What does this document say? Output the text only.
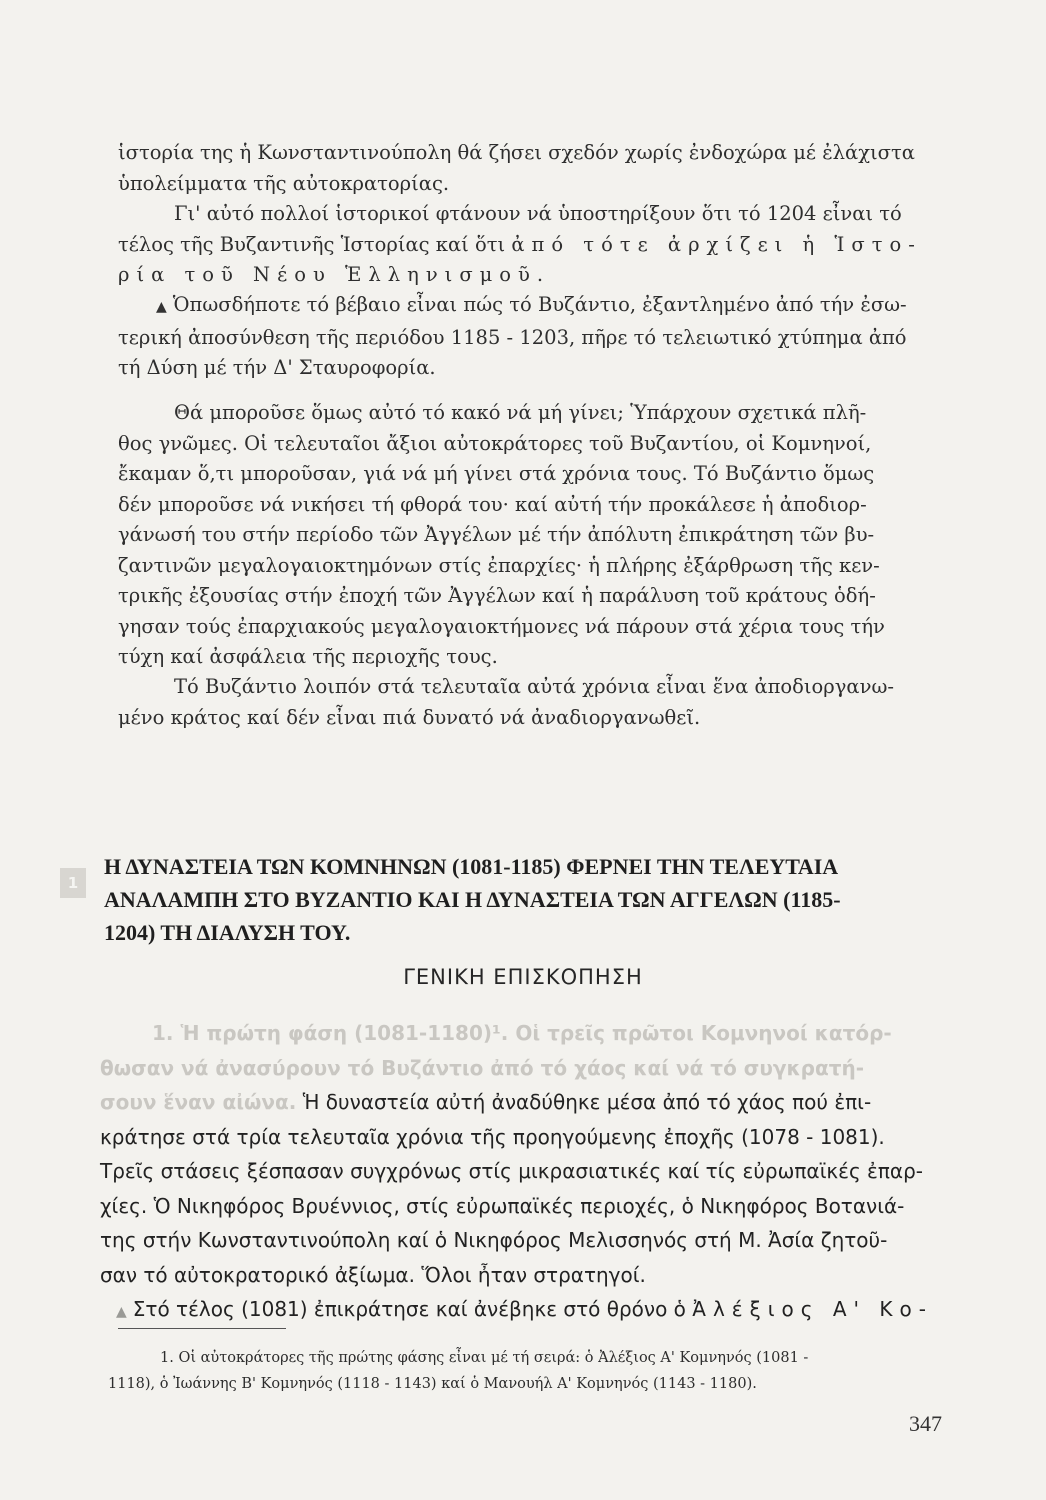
ἱστορία της ἡ Κωνσταντινούπολη θά ζήσει σχεδόν χωρίς ἐνδοχώρα μέ ἐλάχιστα
ὑπολείμματα τῆς αὐτοκρατορίας.

Γι' αὐτό πολλοί ἱστορικοί φτάνουν νά ὑποστηρίξουν ὅτι τό 1204 εἶναι τό
τέλος τῆς Βυζαντινῆς Ἱστορίας καί ὅτι ἀπό τότε ἀρχίζει ἡ Ἱστο-
ρία τοῦ Νέου Ἑλληνισμοῦ.

▲ Ὁπωσδήποτε τό βέβαιο εἶναι πώς τό Βυζάντιο, ἐξαντλημένο ἀπό τήν ἐσω-
τερική ἀποσύνθεση τῆς περιόδου 1185 - 1203, πῆρε τό τελειωτικό χτύπημα ἀπό
τή Δύση μέ τήν Δ' Σταυροφορία.

Θά μποροῦσε ὅμως αὐτό τό κακό νά μή γίνει; Ὑπάρχουν σχετικά πλῆ-
θος γνῶμες. Οἱ τελευταῖοι ἄξιοι αὐτοκράτορες τοῦ Βυζαντίου, οἱ Κομνηνοί,
ἔκαμαν ὅ,τι μποροῦσαν, γιά νά μή γίνει στά χρόνια τους. Τό Βυζάντιο ὅμως
δέν μποροῦσε νά νικήσει τή φθορά του· καί αὐτή τήν προκάλεσε ἡ ἀποδιορ-
γάνωσή του στήν περίοδο τῶν Ἀγγέλων μέ τήν ἀπόλυτη ἐπικράτηση τῶν βυ-
ζαντινῶν μεγαλογαιοκτημόνων στίς ἐπαρχίες· ἡ πλήρης ἐξάρθρωση τῆς κεν-
τρικῆς ἐξουσίας στήν ἐποχή τῶν Ἀγγέλων καί ἡ παράλυση τοῦ κράτους ὁδή-
γησαν τούς ἐπαρχιακούς μεγαλογαιοκτήμονες νά πάρουν στά χέρια τους τήν
τύχη καί ἀσφάλεια τῆς περιοχῆς τους.

Τό Βυζάντιο λοιπόν στά τελευταῖα αὐτά χρόνια εἶναι ἕνα ἀποδιοργανω-
μένο κράτος καί δέν εἶναι πιά δυνατό νά ἀναδιοργανωθεῖ.

1
Η ΔΥΝΑΣΤΕΙΑ ΤΩΝ ΚΟΜΝΗΝΩΝ (1081-1185) ΦΕΡΝΕΙ ΤΗΝ ΤΕΛΕΥΤΑΙΑ
ΑΝΑΛΑΜΠΗ ΣΤΟ ΒΥΖΑΝΤΙΟ ΚΑΙ Η ΔΥΝΑΣΤΕΙΑ ΤΩΝ ΑΓΓΕΛΩΝ (1185-
1204) ΤΗ ΔΙΑΛΥΣΗ ΤΟΥ.
ΓΕΝΙΚΗ ΕΠΙΣΚΟΠΗΣΗ

1. Ἡ πρώτη φάση (1081-1180)¹. Οἱ τρεῖς πρῶτοι Κομνηνοί κατόρ-
θωσαν νά ἀνασύρουν τό Βυζάντιο ἀπό τό χάος καί νά τό συγκρατή-
σουν ἕναν αἰώνα. Ἡ δυναστεία αὐτή ἀναδύθηκε μέσα ἀπό τό χάος πού ἐπι-
κράτησε στά τρία τελευταῖα χρόνια τῆς προηγούμενης ἐποχῆς (1078 - 1081).
Τρεῖς στάσεις ξέσπασαν συγχρόνως στίς μικρασιατικές καί τίς εὐρωπαϊκές ἐπαρ-
χίες. Ὁ Νικηφόρος Βρυέννιος, στίς εὐρωπαϊκές περιοχές, ὁ Νικηφόρος Βοτανιά-
της στήν Κωνσταντινούπολη καί ὁ Νικηφόρος Μελισσηνός στή Μ. Ἀσία ζητοῦ-
σαν τό αὐτοκρατορικό ἀξίωμα. Ὅλοι ἦταν στρατηγοί.
▲ Στό τέλος (1081) ἐπικράτησε καί ἀνέβηκε στό θρόνο ὁ Ἀλέξιος Α' Κο-

1. Οἱ αὐτοκράτορες τῆς πρώτης φάσης εἶναι μέ τή σειρά: ὁ Ἀλέξιος Α' Κομνηνός (1081 -
1118), ὁ Ἰωάννης Β' Κομνηνός (1118 - 1143) καί ὁ Μανουήλ Α' Κομνηνός (1143 - 1180).

347
